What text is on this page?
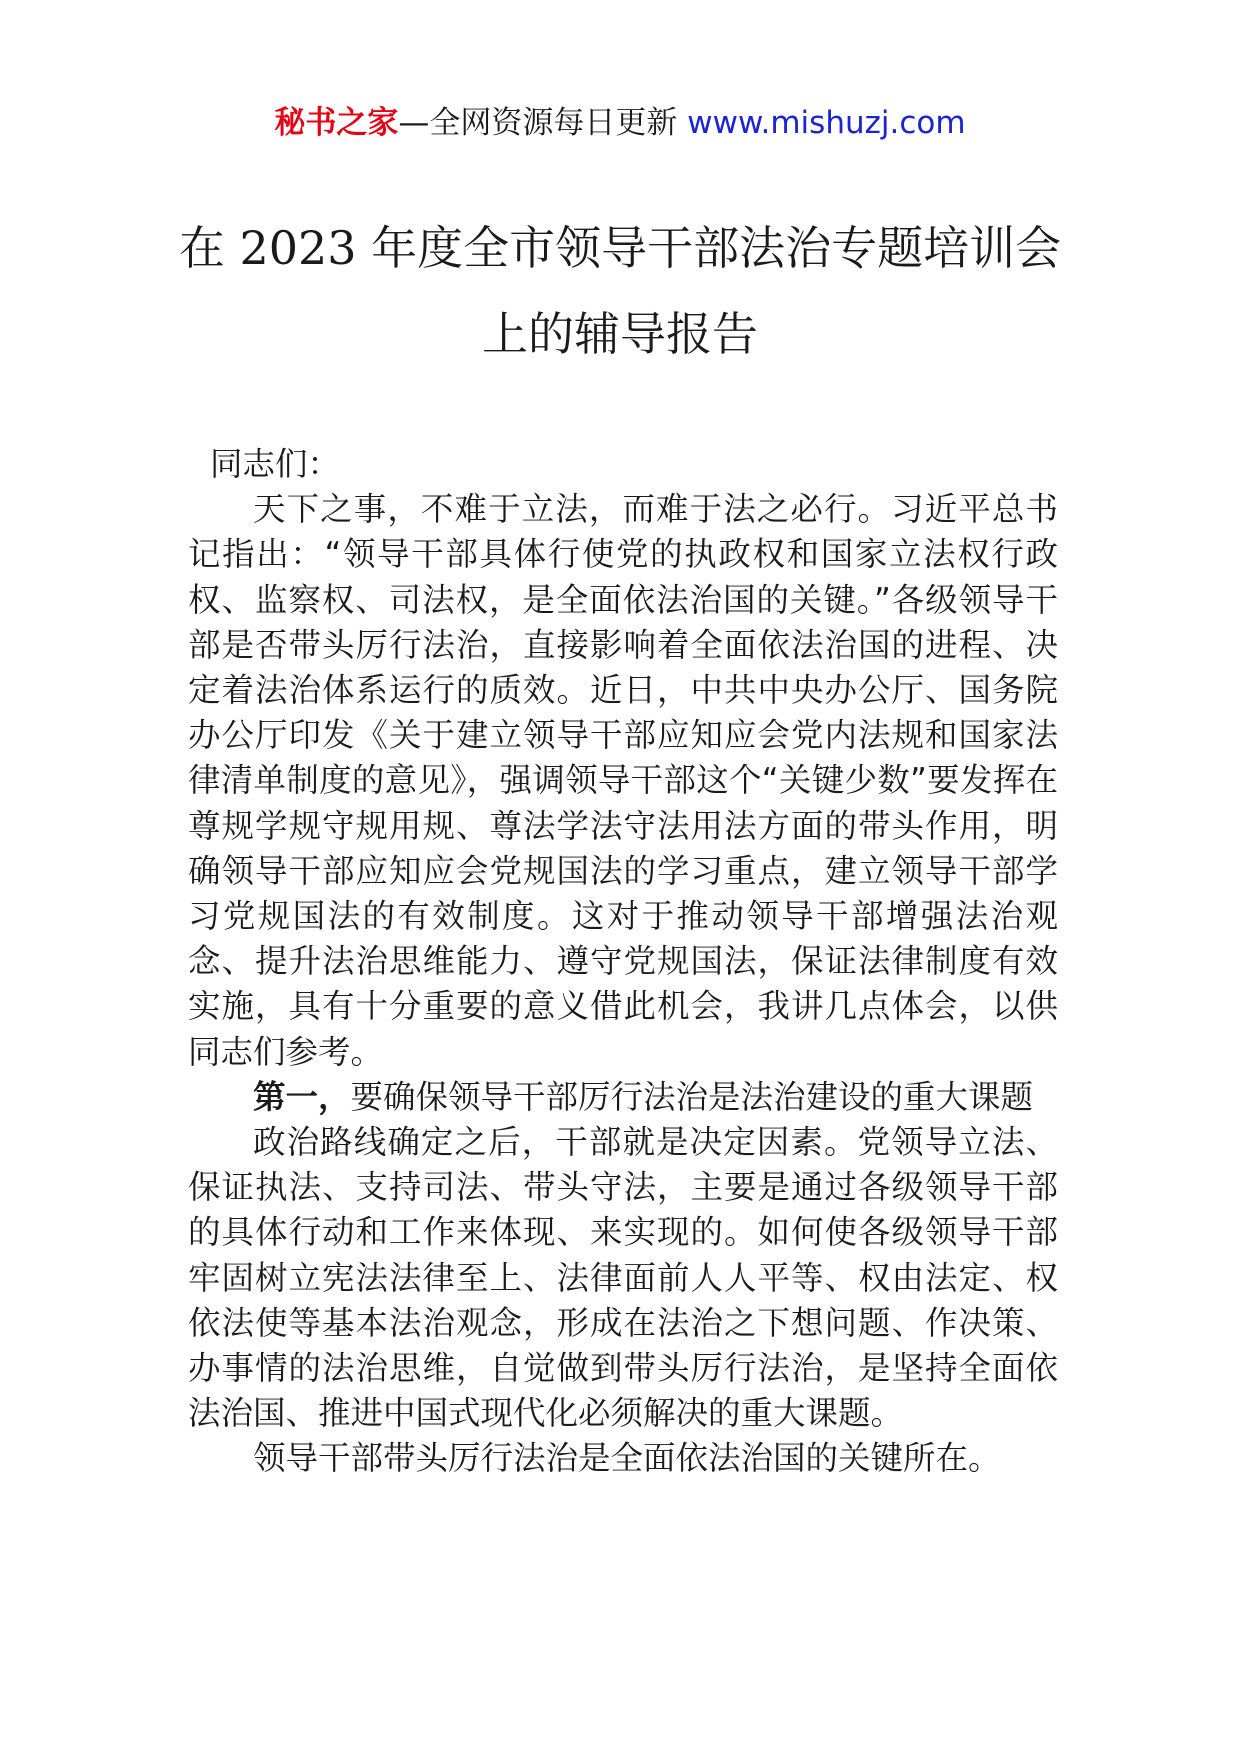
秘书之家—全网资源每日更新 www.mishuzj.com
在 2023 年度全市领导干部法治专题培训会
上的辅导报告

同志们：

天下之事，不难于立法，而难于法之必行。习近平总书记指出：“领导干部具体行使党的执政权和国家立法权行政权、监察权、司法权，是全面依法治国的关键。”各级领导干部是否带头厉行法治，直接影响着全面依法治国的进程、决定着法治体系运行的质效。近日，中共中央办公厅、国务院办公厅印发《关于建立领导干部应知应会党内法规和国家法律清单制度的意见》，强调领导干部这个“关键少数”要发挥在尊规学规守规用规、尊法学法守法用法方面的带头作用，明确领导干部应知应会党规国法的学习重点，建立领导干部学习党规国法的有效制度。这对于推动领导干部增强法治观念、提升法治思维能力、遵守党规国法，保证法律制度有效实施，具有十分重要的意义借此机会，我讲几点体会，以供同志们参考。

第一，要确保领导干部厉行法治是法治建设的重大课题

政治路线确定之后，干部就是决定因素。党领导立法、保证执法、支持司法、带头守法，主要是通过各级领导干部的具体行动和工作来体现、来实现的。如何使各级领导干部牢固树立宪法法律至上、法律面前人人平等、权由法定、权依法使等基本法治观念，形成在法治之下想问题、作决策、办事情的法治思维，自觉做到带头厉行法治，是坚持全面依法治国、推进中国式现代化必须解决的重大课题。

领导干部带头厉行法治是全面依法治国的关键所在。
